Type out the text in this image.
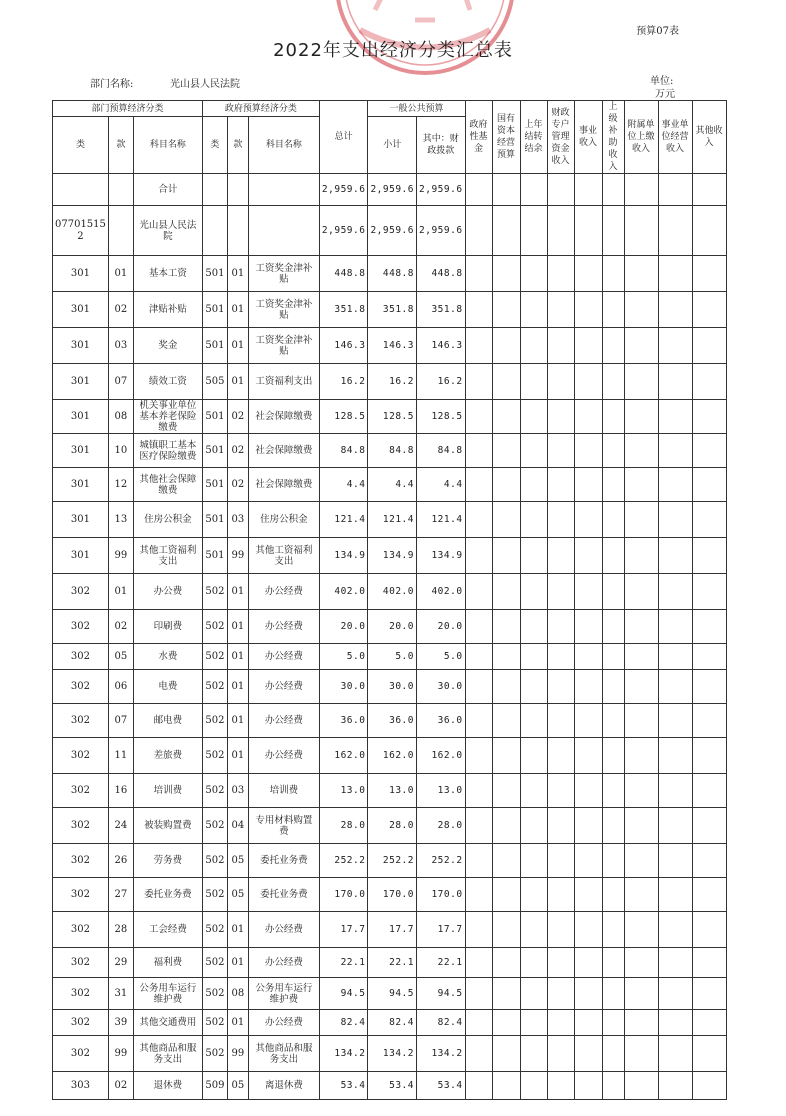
预算07表
2022年支出经济分类汇总表
部门名称:	光山县人民法院	单位:
万元
部门预算经济分类			政府预算经济分类			总计	一般公共预算		政府性基金	国有资本经营预算	上年结转结余	财政专户管理资金收入	事业收入	上级补助收入	附属单位上缴收入	事业单位经营收入	其他收入
类	款	科目名称	类	款	科目名称		小计	其中：财政拨款									
		合计				2,959.6	2,959.6	2,959.6									
07701515 2		光山县人民法院				2,959.6	2,959.6	2,959.6									
301	01	基本工资	501	01	工资奖金津补贴	448.8	448.8	448.8									
301	02	津贴补贴	501	01	工资奖金津补贴	351.8	351.8	351.8									
301	03	奖金	501	01	工资奖金津补贴	146.3	146.3	146.3									
301	07	绩效工资	505	01	工资福利支出	16.2	16.2	16.2									
301	08	机关事业单位基本养老保险缴费	501	02	社会保障缴费	128.5	128.5	128.5									
301	10	城镇职工基本医疗保险缴费	501	02	社会保障缴费	84.8	84.8	84.8									
301	12	其他社会保障缴费	501	02	社会保障缴费	4.4	4.4	4.4									
301	13	住房公积金	501	03	住房公积金	121.4	121.4	121.4									
301	99	其他工资福利支出	501	99	其他工资福利支出	134.9	134.9	134.9									
302	01	办公费	502	01	办公经费	402.0	402.0	402.0									
302	02	印刷费	502	01	办公经费	20.0	20.0	20.0									
302	05	水费	502	01	办公经费	5.0	5.0	5.0									
302	06	电费	502	01	办公经费	30.0	30.0	30.0									
302	07	邮电费	502	01	办公经费	36.0	36.0	36.0									
302	11	差旅费	502	01	办公经费	162.0	162.0	162.0									
302	16	培训费	502	03	培训费	13.0	13.0	13.0									
302	24	被装购置费	502	04	专用材料购置费	28.0	28.0	28.0									
302	26	劳务费	502	05	委托业务费	252.2	252.2	252.2									
302	27	委托业务费	502	05	委托业务费	170.0	170.0	170.0									
302	28	工会经费	502	01	办公经费	17.7	17.7	17.7									
302	29	福利费	502	01	办公经费	22.1	22.1	22.1									
302	31	公务用车运行维护费	502	08	公务用车运行维护费	94.5	94.5	94.5									
302	39	其他交通费用	502	01	办公经费	82.4	82.4	82.4									
302	99	其他商品和服务支出	502	99	其他商品和服务支出	134.2	134.2	134.2									
303	02	退休费	509	05	离退休费	53.4	53.4	53.4									
